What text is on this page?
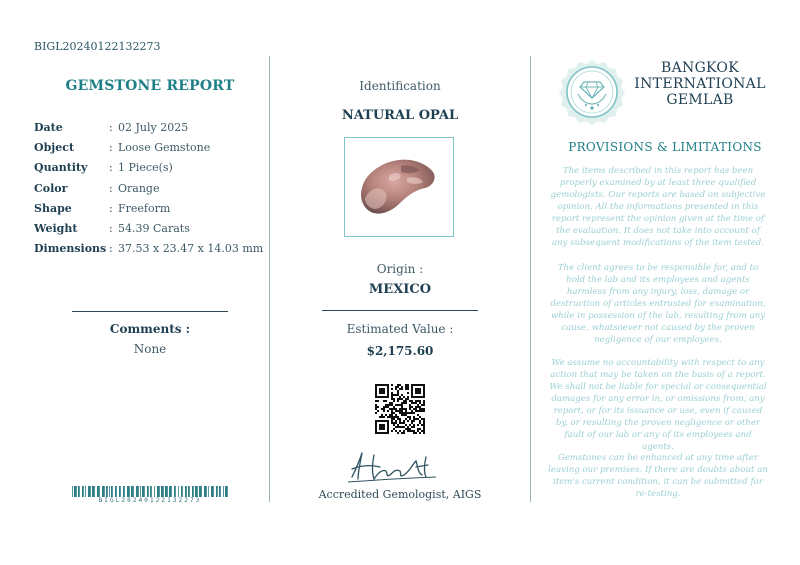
BIGL20240122132273
GEMSTONE REPORT
Date	: 02 July 2025
Object	: Loose Gemstone
Quantity : 1 Piece(s)
Color	: Orange
Shape	: Freeform
Weight	: 54.39 Carats
Dimensions : 37.53 x 23.47 x 14.03 mm
Comments :
None
BIGL20240122132273
Identification
NATURAL OPAL
Origin :
MEXICO
Estimated Value :
$2,175.60
Accredited Gemologist, AIGS
BANGKOK
INTERNATIONAL
GEMLAB
PROVISIONS & LIMITATIONS

The items described in this report has been properly examined by at least three qualified gemologists. Our reports are based on subjective opinion. All the informations presented in this report represent the opinion given at the time of the evaluation. It does not take into account of any subsequent modifications of the item tested.

The client agrees to be responsible for, and to hold the lab and its employees and agents harmless from any injury, loss, damage or destruction of articles entrusted for examination, while in possession of the lab, resulting from any cause, whatsoever not caused by the proven negligence of our employees.

We assume no accountability with respect to any action that may be taken on the basis of a report. We shall not be liable for special or consequential damages for any error in, or omissions from, any report, or for its issuance or use, even if caused by, or resulting the proven negligence or other fault of our lab or any of its employees and agents.

Gemstones can be enhanced at any time after leaving our premises. If there are doubts about an item's current condition, it can be submitted for re-testing.
